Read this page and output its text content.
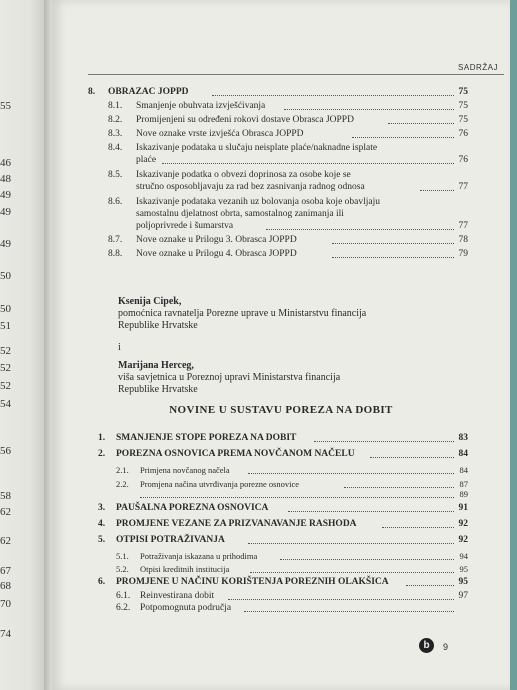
55
46
48
49
49
49
50
50
51
52
52
52
54
56
58
62
62
67
68
70
74
SADRŽAJ
8. OBRAZAC JOPPD	75
8.1. Smanjenje obuhvata izvješćivanja	75
8.2. Promijenjeni su određeni rokovi dostave Obrasca JOPPD	75
8.3. Nove oznake vrste izvješća Obrasca JOPPD	76
8.4. Iskazivanje podataka u slučaju neisplate plaće/naknadne isplate
plaće	76
8.5. Iskazivanje podatka o obvezi doprinosa za osobe koje se
stručno osposobljavaju za rad bez zasnivanja radnog odnosa	77
8.6. Iskazivanje podataka vezanih uz bolovanja osoba koje obavljaju
samostalnu djelatnost obrta, samostalnog zanimanja ili
poljoprivrede i šumarstva	77
8.7. Nove oznake u Prilogu 3. Obrasca JOPPD	78
8.8. Nove oznake u Prilogu 4. Obrasca JOPPD	79
Ksenija Cipek,
pomoćnica ravnatelja Porezne uprave u Ministarstvu financija
Republike Hrvatske
i
Marijana Herceg,
viša savjetnica u Poreznoj upravi Ministarstva financija
Republike Hrvatske
NOVINE U SUSTAVU POREZA NA DOBIT
1. SMANJENJE STOPE POREZA NA DOBIT	83
2. POREZNA OSNOVICA PREMA NOVČANOM NAČELU	84
2.1. Primjena novčanog načela	84
2.2. Promjena načina utvrđivanja porezne osnovice	87
89
3. PAUŠALNA POREZNA OSNOVICA	91
4. PROMJENE VEZANE ZA PRIZVANAVANJE RASHODA	92
5. OTPISI POTRAŽIVANJA	92
5.1. Potraživanja iskazana u prihodima	94
5.2. Otpisi kreditnih institucija	95
6. PROMJENE U NAČINU KORIŠTENJA POREZNIH OLAKŠICA	95
6.1. Reinvestirana dobit	97
6.2. Potpomognuta područja
b	9
